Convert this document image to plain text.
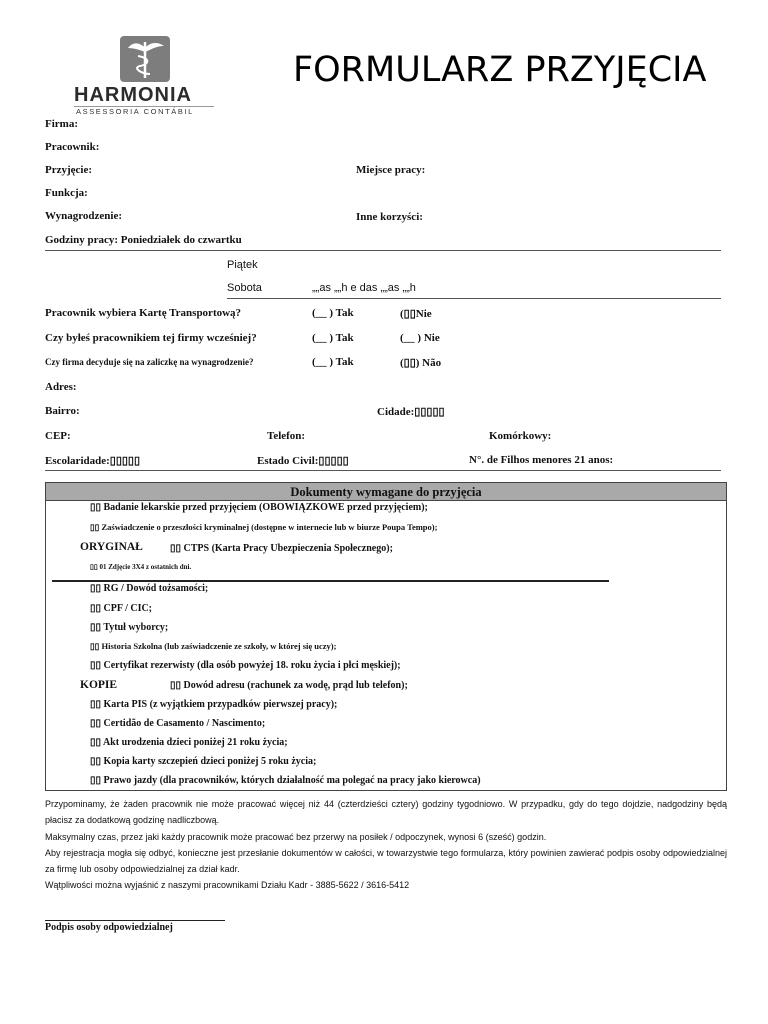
HARMONIA
ASSESSORIA CONTÁBIL
FORMULARZ PRZYJĘCIA
Firma:
Pracownik:
Przyjęcie:	Miejsce pracy:
Funkcja:
Wynagrodzenie:	Inne korzyści:
Godziny pracy: Poniedziałek do czwartku
Piątek
Sobota	„„as „„h e das „„as „„h
Pracownik wybiera Kartę Transportową?	(__ ) Tak	(▯▯Nie
Czy byłeś pracownikiem tej firmy wcześniej?	(__ ) Tak	(__ ) Nie
Czy firma decyduje się na zaliczkę na wynagrodzenie?	(__ ) Tak	(▯▯) Não
Adres:
Bairro:	Cidade:▯▯▯▯▯
CEP:	Telefon:	Komórkowy:
Escolaridade:▯▯▯▯▯	Estado Civil:▯▯▯▯▯	N°. de Filhos menores 21 anos:
Dokumenty wymagane do przyjęcia
▯▯ Badanie lekarskie przed przyjęciem (OBOWIĄZKOWE przed przyjęciem);
▯▯ Zaświadczenie o przeszłości kryminalnej (dostępne w internecie lub w biurze Poupa Tempo);
ORYGINAŁ	▯▯ CTPS (Karta Pracy Ubezpieczenia Społecznego);
▯▯ 01 Zdjęcie 3X4 z ostatnich dni.
▯▯ RG / Dowód tożsamości;
▯▯ CPF / CIC;
▯▯ Tytuł wyborcy;
▯▯ Historia Szkolna (lub zaświadczenie ze szkoły, w której się uczy);
▯▯ Certyfikat rezerwisty (dla osób powyżej 18. roku życia i płci męskiej);
KOPIE	▯▯ Dowód adresu (rachunek za wodę, prąd lub telefon);
▯▯ Karta PIS (z wyjątkiem przypadków pierwszej pracy);
▯▯ Certidão de Casamento / Nascimento;
▯▯ Akt urodzenia dzieci poniżej 21 roku życia;
▯▯ Kopia karty szczepień dzieci poniżej 5 roku życia;
▯▯ Prawo jazdy (dla pracowników, których działalność ma polegać na pracy jako kierowca)
Przypominamy, że żaden pracownik nie może pracować więcej niż 44 (czterdzieści cztery) godziny tygodniowo. W przypadku, gdy do tego dojdzie, nadgodziny będą płacisz za dodatkową godzinę nadliczbową.
Maksymalny czas, przez jaki każdy pracownik może pracować bez przerwy na posiłek / odpoczynek, wynosi 6 (sześć) godzin.
Aby rejestracja mogła się odbyć, konieczne jest przesłanie dokumentów w całości, w towarzystwie tego formularza, który powinien zawierać podpis osoby odpowiedzialnej za firmę lub osoby odpowiedzialnej za dział kadr.
Wątpliwości można wyjaśnić z naszymi pracownikami Działu Kadr - 3885-5622 / 3616-5412
Podpis osoby odpowiedzialnej
